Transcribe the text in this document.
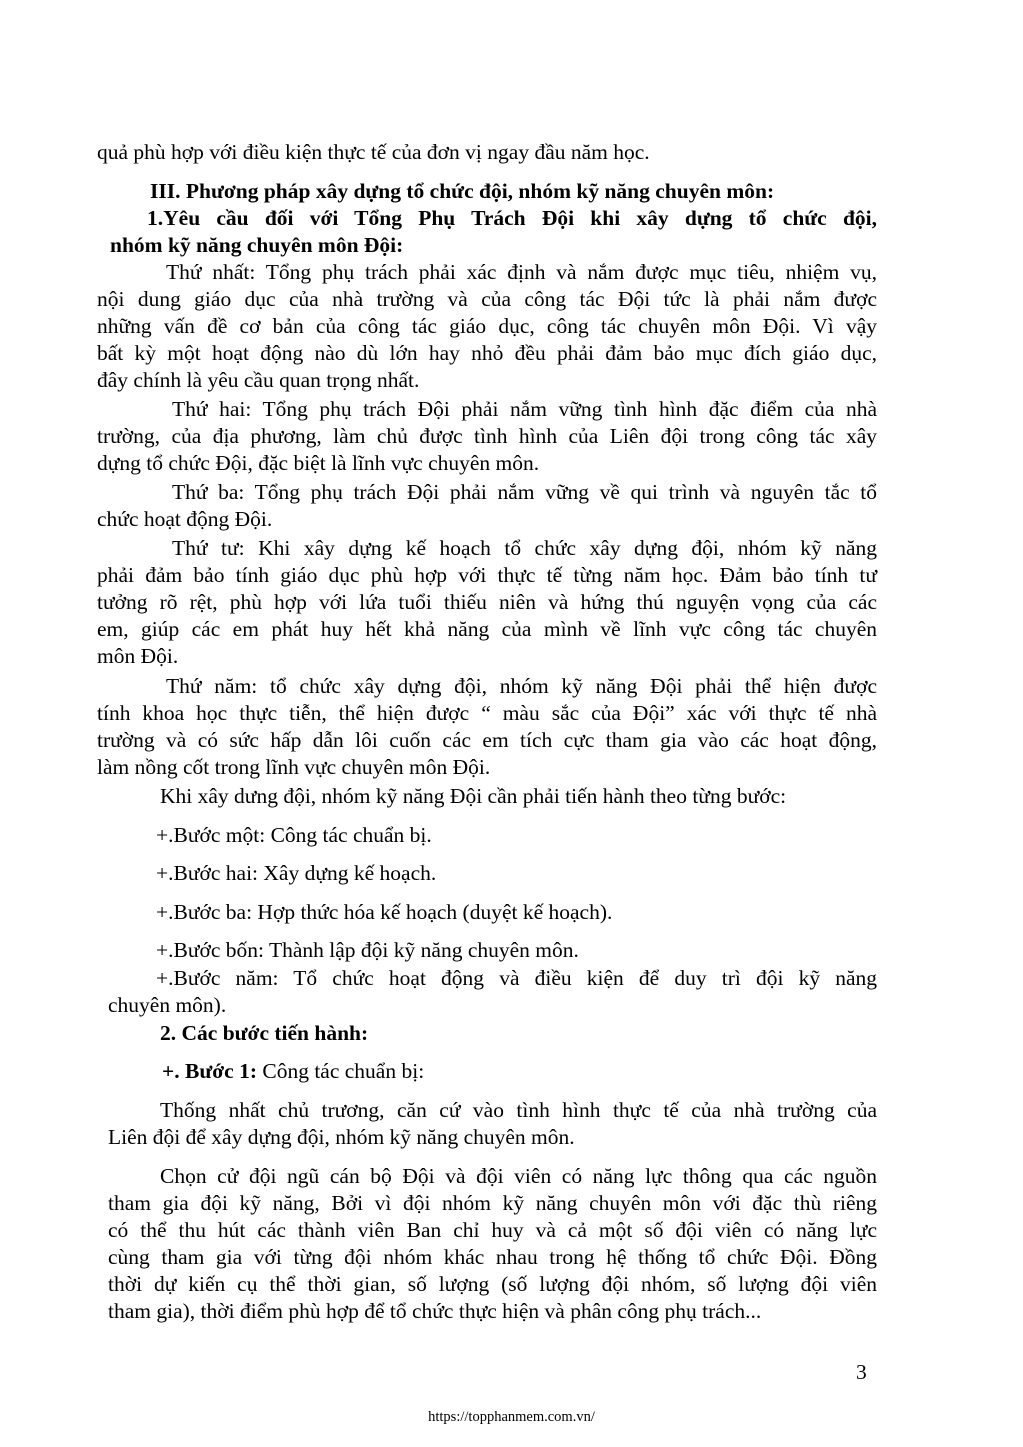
quả phù hợp với điều kiện thực tế của đơn vị ngay đầu năm học.
III. Phương pháp xây dựng tổ chức đội, nhóm kỹ năng chuyên môn:
1.Yêu cầu đối với Tổng Phụ Trách Đội khi xây dựng tổ chức đội,
nhóm kỹ năng chuyên môn Đội:
Thứ nhất: Tổng phụ trách phải xác định và nắm được mục tiêu, nhiệm vụ,
nội dung giáo dục của nhà trường và của công tác Đội tức là phải nắm được
những vấn đề cơ bản của công tác giáo dục, công tác chuyên môn Đội. Vì vậy
bất kỳ một hoạt động nào dù lớn hay nhỏ đều phải đảm bảo mục đích giáo dục,
đây chính là yêu cầu quan trọng nhất.
Thứ hai: Tổng phụ trách Đội phải nắm vững tình hình đặc điểm của nhà
trường, của địa phương, làm chủ được tình hình của Liên đội trong công tác xây
dựng tổ chức Đội, đặc biệt là lĩnh vực chuyên môn.
Thứ ba: Tổng phụ trách Đội phải nắm vững về qui trình và nguyên tắc tổ
chức hoạt động Đội.
Thứ tư: Khi xây dựng kế hoạch tổ chức xây dựng đội, nhóm kỹ năng
phải đảm bảo tính giáo dục phù hợp với thực tế từng năm học. Đảm bảo tính tư
tưởng rõ rệt, phù hợp với lứa tuổi thiếu niên và hứng thú nguyện vọng của các
em, giúp các em phát huy hết khả năng của mình về lĩnh vực công tác chuyên
môn Đội.
Thứ năm: tổ chức xây dựng đội, nhóm kỹ năng Đội phải thể hiện được
tính khoa học thực tiễn, thể hiện được “ màu sắc của Đội” xác với thực tế nhà
trường và có sức hấp dẫn lôi cuốn các em tích cực tham gia vào các hoạt động,
làm nồng cốt trong lĩnh vực chuyên môn Đội.
Khi xây dưng đội, nhóm kỹ năng Đội cần phải tiến hành theo từng bước:
+.Bước một: Công tác chuẩn bị.
+.Bước hai: Xây dựng kế hoạch.
+.Bước ba: Hợp thức hóa kế hoạch (duyệt kế hoạch).
+.Bước bốn: Thành lập đội kỹ năng chuyên môn.
+.Bước năm: Tổ chức hoạt động và điều kiện để duy trì đội kỹ năng
chuyên môn).
2. Các bước tiến hành:
+. Bước 1: Công tác chuẩn bị:
Thống nhất chủ trương, căn cứ vào tình hình thực tế của nhà trường của
Liên đội để xây dựng đội, nhóm kỹ năng chuyên môn.
Chọn cử đội ngũ cán bộ Đội và đội viên có năng lực thông qua các nguồn
tham gia đội kỹ năng, Bởi vì đội nhóm kỹ năng chuyên môn với đặc thù riêng
có thể thu hút các thành viên Ban chỉ huy và cả một số đội viên có năng lực
cùng tham gia với từng đội nhóm khác nhau trong hệ thống tổ chức Đội. Đồng
thời dự kiến cụ thể thời gian, số lượng (số lượng đội nhóm, số lượng đội viên
tham gia), thời điểm phù hợp để tổ chức thực hiện và phân công phụ trách...
3
https://topphanmem.com.vn/
